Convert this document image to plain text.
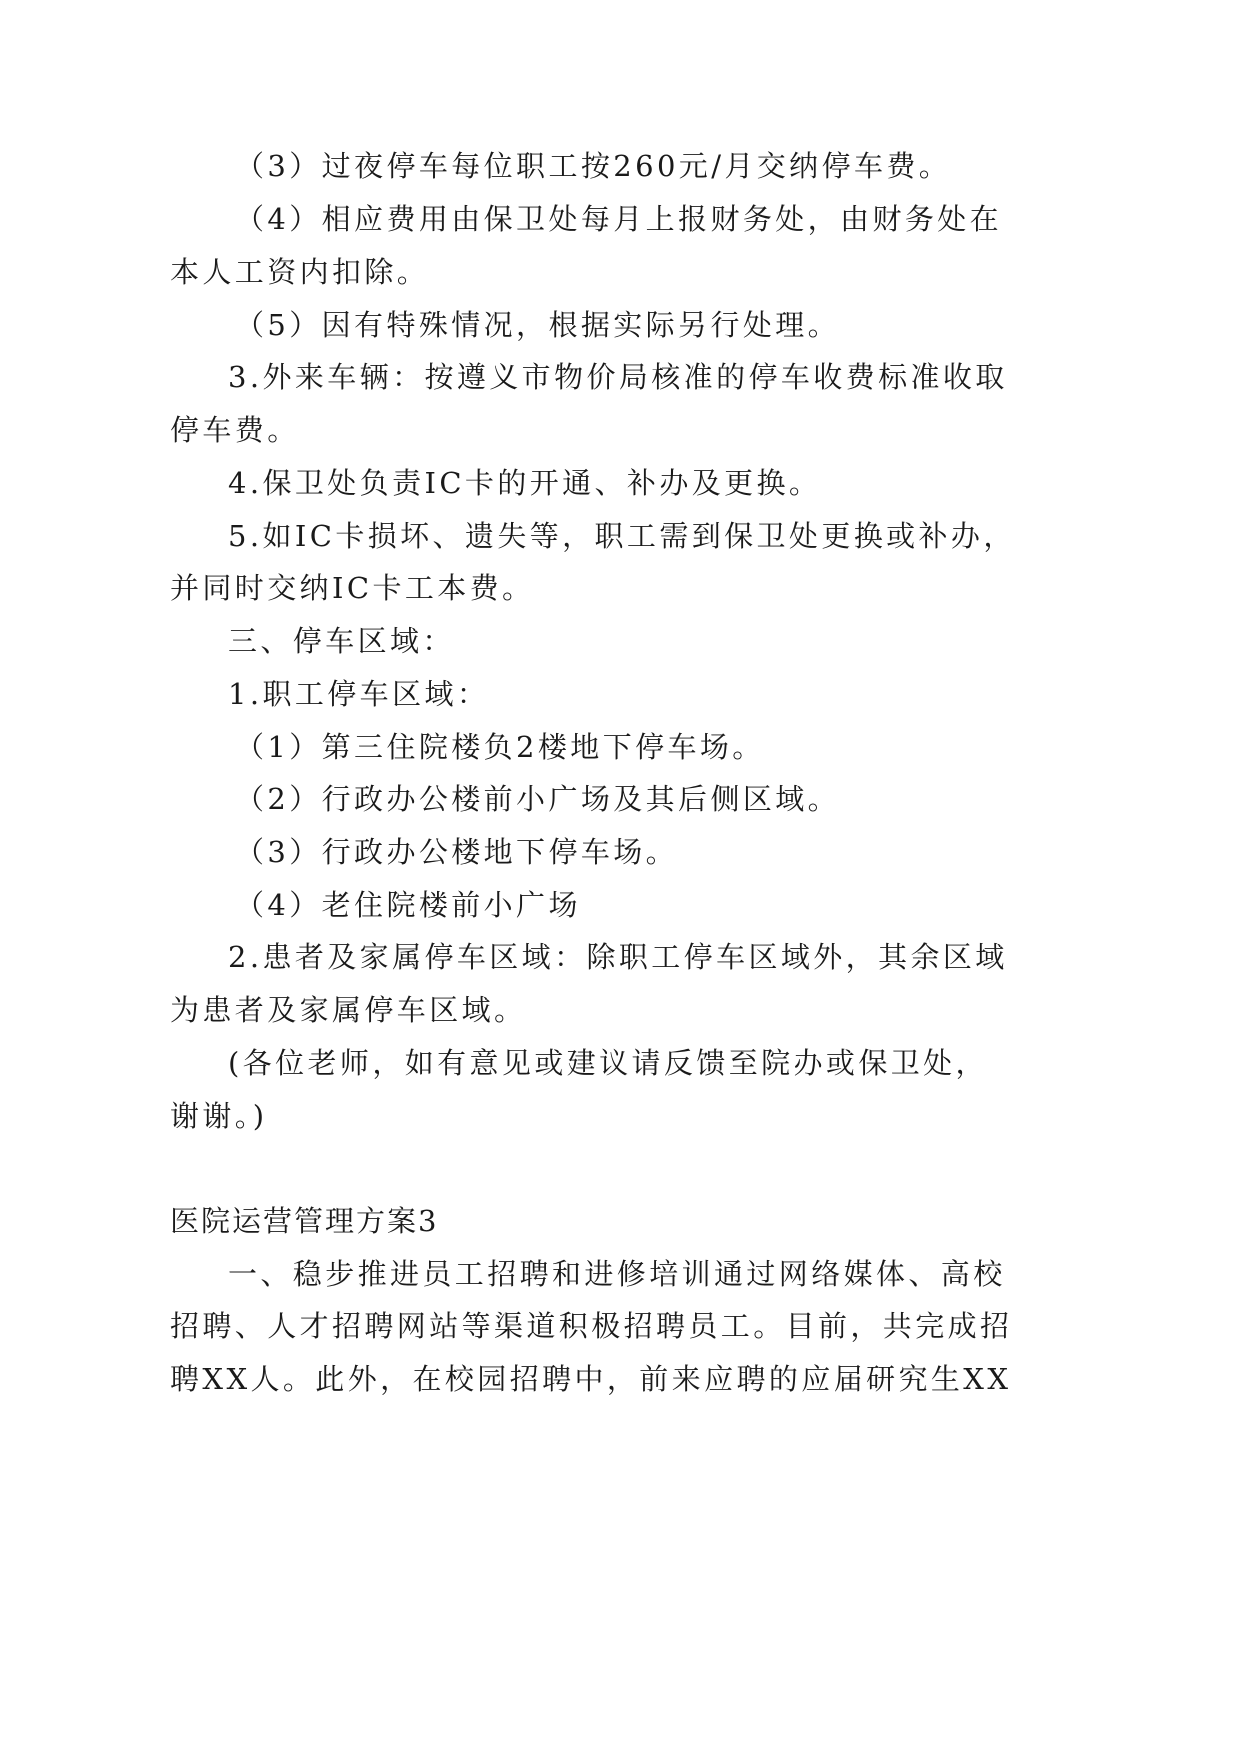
（3）过夜停车每位职工按260元/月交纳停车费。
（4）相应费用由保卫处每月上报财务处，由财务处在
本人工资内扣除。
（5）因有特殊情况，根据实际另行处理。
3.外来车辆：按遵义市物价局核准的停车收费标准收取
停车费。
4.保卫处负责IC卡的开通、补办及更换。
5.如IC卡损坏、遗失等，职工需到保卫处更换或补办，
并同时交纳IC卡工本费。
三、停车区域：
1.职工停车区域：
（1）第三住院楼负2楼地下停车场。
（2）行政办公楼前小广场及其后侧区域。
（3）行政办公楼地下停车场。
（4）老住院楼前小广场
2.患者及家属停车区域：除职工停车区域外，其余区域
为患者及家属停车区域。
(各位老师，如有意见或建议请反馈至院办或保卫处，
谢谢。)
医院运营管理方案3
一、稳步推进员工招聘和进修培训通过网络媒体、高校
招聘、人才招聘网站等渠道积极招聘员工。目前，共完成招
聘XX人。此外，在校园招聘中，前来应聘的应届研究生XX
